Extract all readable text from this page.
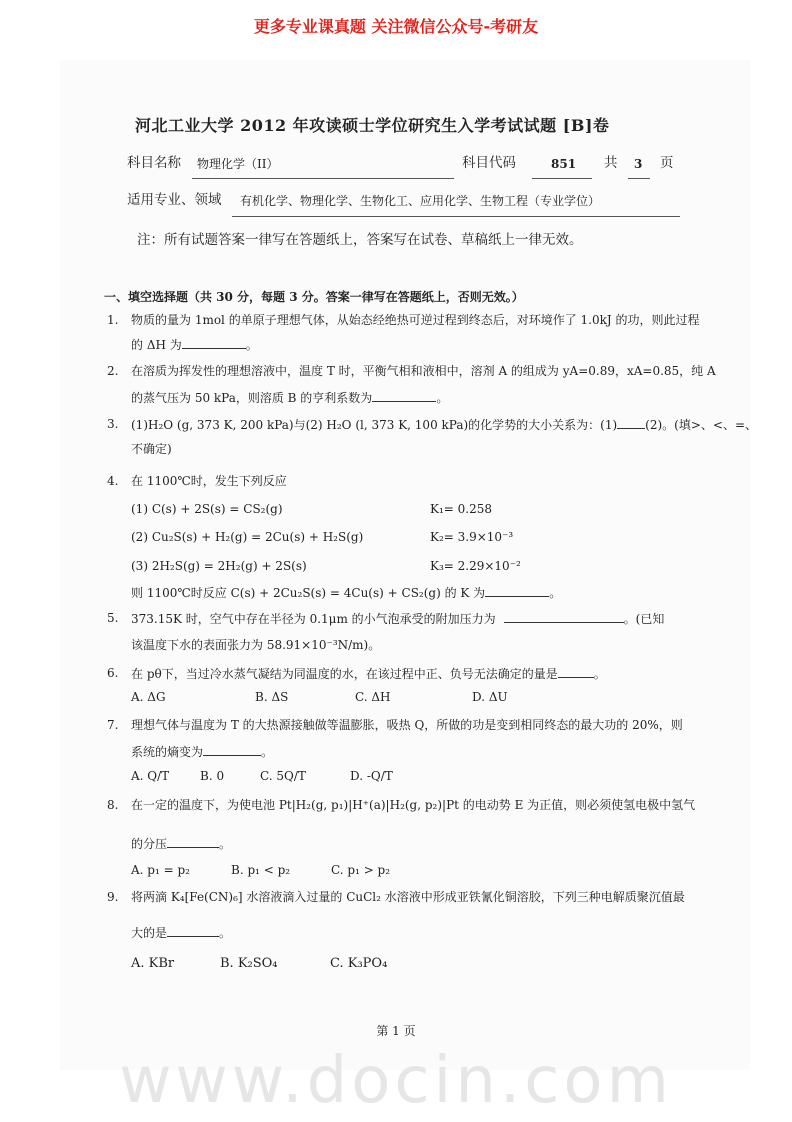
更多专业课真题 关注微信公众号-考研友
河北工业大学 2012 年攻读硕士学位研究生入学考试试题 [B]卷
科目名称 物理化学（II）	科目代码	851 共 3 页
适用专业、领域 有机化学、物理化学、生物化工、应用化学、生物工程（专业学位）
注：所有试题答案一律写在答题纸上，答案写在试卷、草稿纸上一律无效。
一、填空选择题（共 30 分，每题 3 分。答案一律写在答题纸上，否则无效。）
1. 物质的量为 1mol 的单原子理想气体，从始态经绝热可逆过程到终态后，对环境作了 1.0kJ 的功，则此过程
的 ΔH 为	。
2. 在溶质为挥发性的理想溶液中，温度 T 时，平衡气相和液相中，溶剂 A 的组成为 yA=0.89，xA=0.85，纯 A
的蒸气压为 50 kPa，则溶质 B 的亨利系数为	。
3. (1)H₂O (g, 373 K, 200 kPa)与(2) H₂O (l, 373 K, 100 kPa)的化学势的大小关系为：(1) (2)。(填>、<、=、
不确定)
4. 在 1100℃时，发生下列反应
(1) C(s) + 2S(s) = CS₂(g)	K₁= 0.258
(2) Cu₂S(s) + H₂(g) = 2Cu(s) + H₂S(g)	K₂= 3.9×10⁻³
(3) 2H₂S(g) = 2H₂(g) + 2S(s)	K₃= 2.29×10⁻²
则 1100℃时反应 C(s) + 2Cu₂S(s) = 4Cu(s) + CS₂(g) 的 K 为	。
5. 373.15K 时，空气中存在半径为 0.1μm 的小气泡承受的附加压力为	。(已知
该温度下水的表面张力为 58.91×10⁻³N/m)。
6. 在 pθ下，当过冷水蒸气凝结为同温度的水，在该过程中正、负号无法确定的量是	。
A. ΔG	B. ΔS	C. ΔH	D. ΔU
7. 理想气体与温度为 T 的大热源接触做等温膨胀，吸热 Q，所做的功是变到相同终态的最大功的 20%，则
系统的熵变为	。
A. Q/T	B. 0	C. 5Q/T	D. -Q/T
8. 在一定的温度下，为使电池 Pt|H₂(g, p₁)|H⁺(a)|H₂(g, p₂)|Pt 的电动势 E 为正值，则必须使氢电极中氢气
的分压	。
A. p₁ = p₂	B. p₁ < p₂	C. p₁ > p₂
9. 将两滴 K₄[Fe(CN)₆] 水溶液滴入过量的 CuCl₂ 水溶液中形成亚铁氰化铜溶胶，下列三种电解质聚沉值最
大的是	。
A. KBr	B. K₂SO₄	C. K₃PO₄
第 1 页
www.docin.com
